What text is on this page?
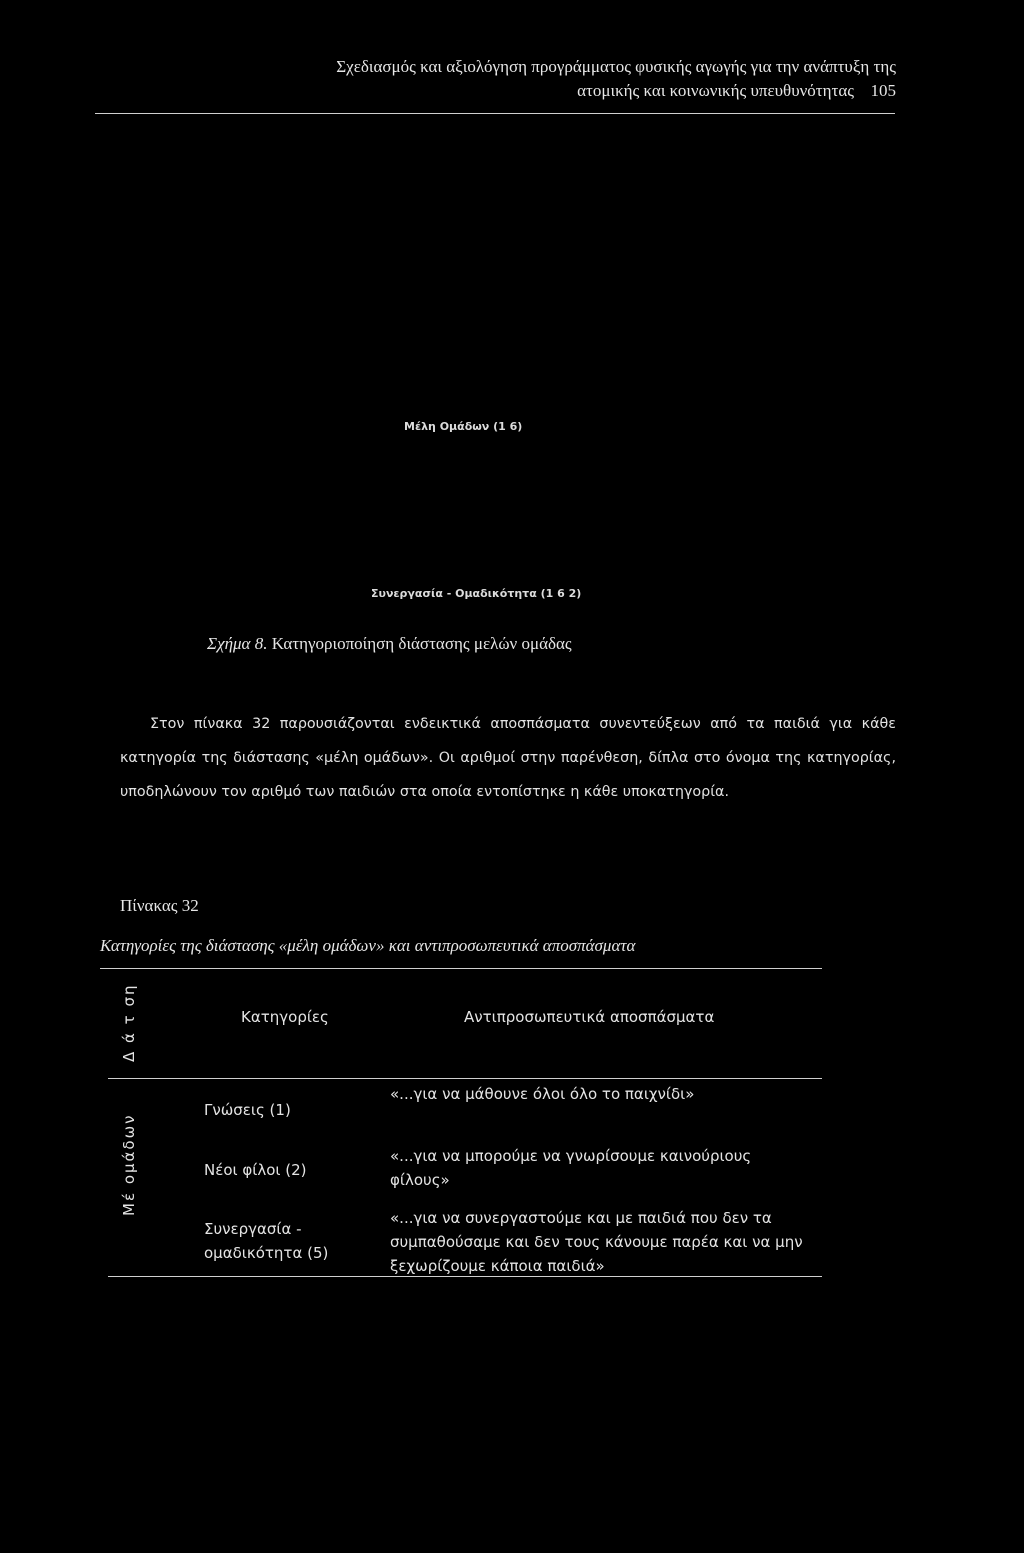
Σχεδιασμός και αξιολόγηση προγράμματος φυσικής αγωγής για την ανάπτυξη της
ατομικής και κοινωνικής υπευθυνότητας 105
Μέλη Ομάδων (1 6)
Συνεργασία - Ομαδικότητα (1 6 2)
Σχήμα 8. Κατηγοριοποίηση διάστασης μελών ομάδας
Στον πίνακα 32 παρουσιάζονται ενδεικτικά αποσπάσματα συνεντεύξεων από τα παιδιά για κάθε κατηγορία της διάστασης «μέλη ομάδων». Οι αριθμοί στην παρένθεση, δίπλα στο όνομα της κατηγορίας, υποδηλώνουν τον αριθμό των παιδιών στα οποία εντοπίστηκε η κάθε υποκατηγορία.
Πίνακας 32
Κατηγορίες της διάστασης «μέλη ομάδων» και αντιπροσωπευτικά αποσπάσματα
Δ ά τ ση	Κατηγορίες	Αντιπροσωπευτικά αποσπάσματα
Μέ ομάδων
Γνώσεις (1)
«...για να μάθουνε όλοι όλο το παιχνίδι»
Νέοι φίλοι (2)
«...για να μπορούμε να γνωρίσουμε καινούριους φίλους»
Συνεργασία - ομαδικότητα (5)
«...για να συνεργαστούμε και με παιδιά που δεν τα συμπαθούσαμε και δεν τους κάνουμε παρέα και να μην ξεχωρίζουμε κάποια παιδιά»
